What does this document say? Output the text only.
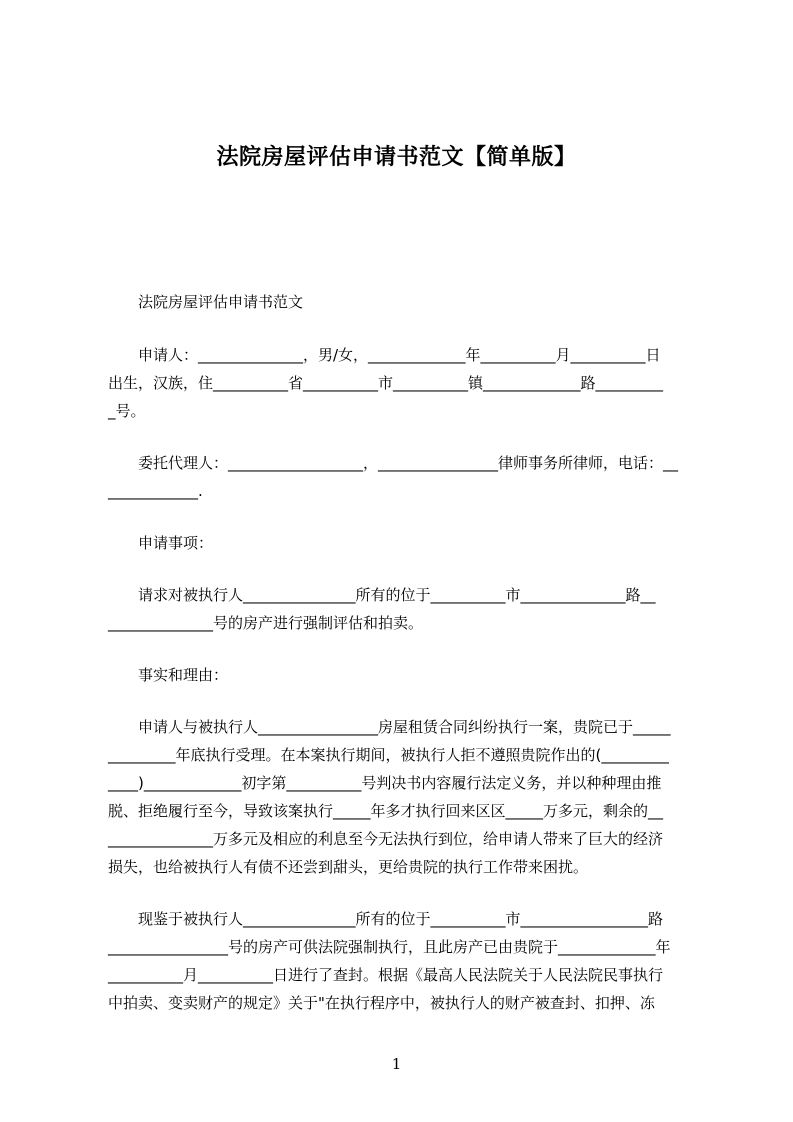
法院房屋评估申请书范文【简单版】
法院房屋评估申请书范文
申请人：______________，男/女，_____________年__________月__________日
出生，汉族，住__________省__________市__________镇_____________路_________
_号。
委托代理人：__________________，________________律师事务所律师，电话：__
____________.
申请事项：
请求对被执行人_______________所有的位于__________市______________路__
______________号的房产进行强制评估和拍卖。
事实和理由：
申请人与被执行人________________房屋租赁合同纠纷执行一案，贵院已于_____
_________年底执行受理。在本案执行期间，被执行人拒不遵照贵院作出的(_________
____)_____________初字第__________号判决书内容履行法定义务，并以种种理由推
脱、拒绝履行至今，导致该案执行_____年多才执行回来区区_____万多元，剩余的__
______________万多元及相应的利息至今无法执行到位，给申请人带来了巨大的经济
损失，也给被执行人有债不还尝到甜头，更给贵院的执行工作带来困扰。
现鉴于被执行人_______________所有的位于__________市_________________路
________________号的房产可供法院强制执行，且此房产已由贵院于_____________年
__________月__________日进行了查封。根据《最高人民法院关于人民法院民事执行
中拍卖、变卖财产的规定》关于"在执行程序中，被执行人的财产被查封、扣押、冻
1
